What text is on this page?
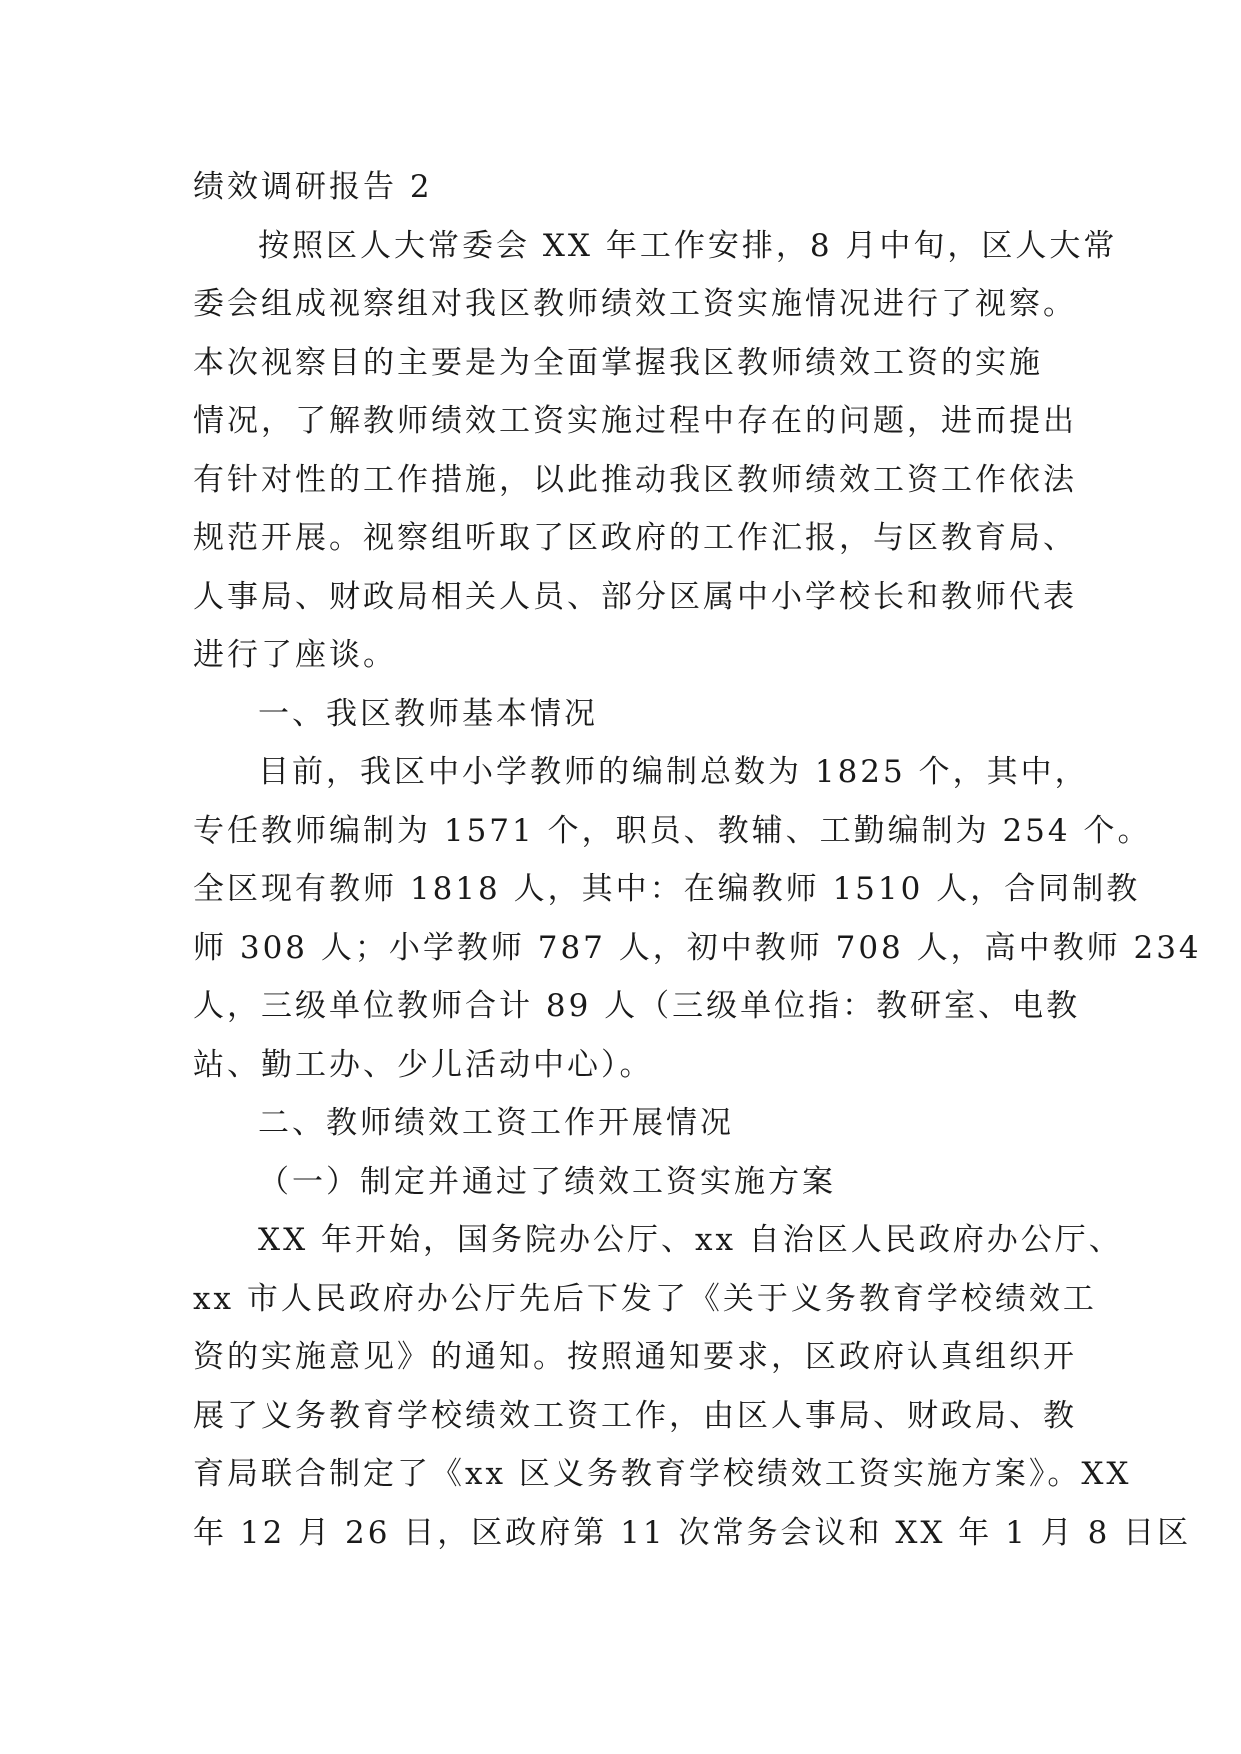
绩效调研报告 2
按照区人大常委会 XX 年工作安排，8 月中旬，区人大常
委会组成视察组对我区教师绩效工资实施情况进行了视察。
本次视察目的主要是为全面掌握我区教师绩效工资的实施
情况，了解教师绩效工资实施过程中存在的问题，进而提出
有针对性的工作措施，以此推动我区教师绩效工资工作依法
规范开展。视察组听取了区政府的工作汇报，与区教育局、
人事局、财政局相关人员、部分区属中小学校长和教师代表
进行了座谈。
一、我区教师基本情况
目前，我区中小学教师的编制总数为 1825 个，其中，
专任教师编制为 1571 个，职员、教辅、工勤编制为 254 个。
全区现有教师 1818 人，其中：在编教师 1510 人，合同制教
师 308 人；小学教师 787 人，初中教师 708 人，高中教师 234
人，三级单位教师合计 89 人（三级单位指：教研室、电教
站、勤工办、少儿活动中心）。
二、教师绩效工资工作开展情况
（一）制定并通过了绩效工资实施方案
XX 年开始，国务院办公厅、xx 自治区人民政府办公厅、
xx 市人民政府办公厅先后下发了《关于义务教育学校绩效工
资的实施意见》的通知。按照通知要求，区政府认真组织开
展了义务教育学校绩效工资工作，由区人事局、财政局、教
育局联合制定了《xx 区义务教育学校绩效工资实施方案》。XX
年 12 月 26 日，区政府第 11 次常务会议和 XX 年 1 月 8 日区
